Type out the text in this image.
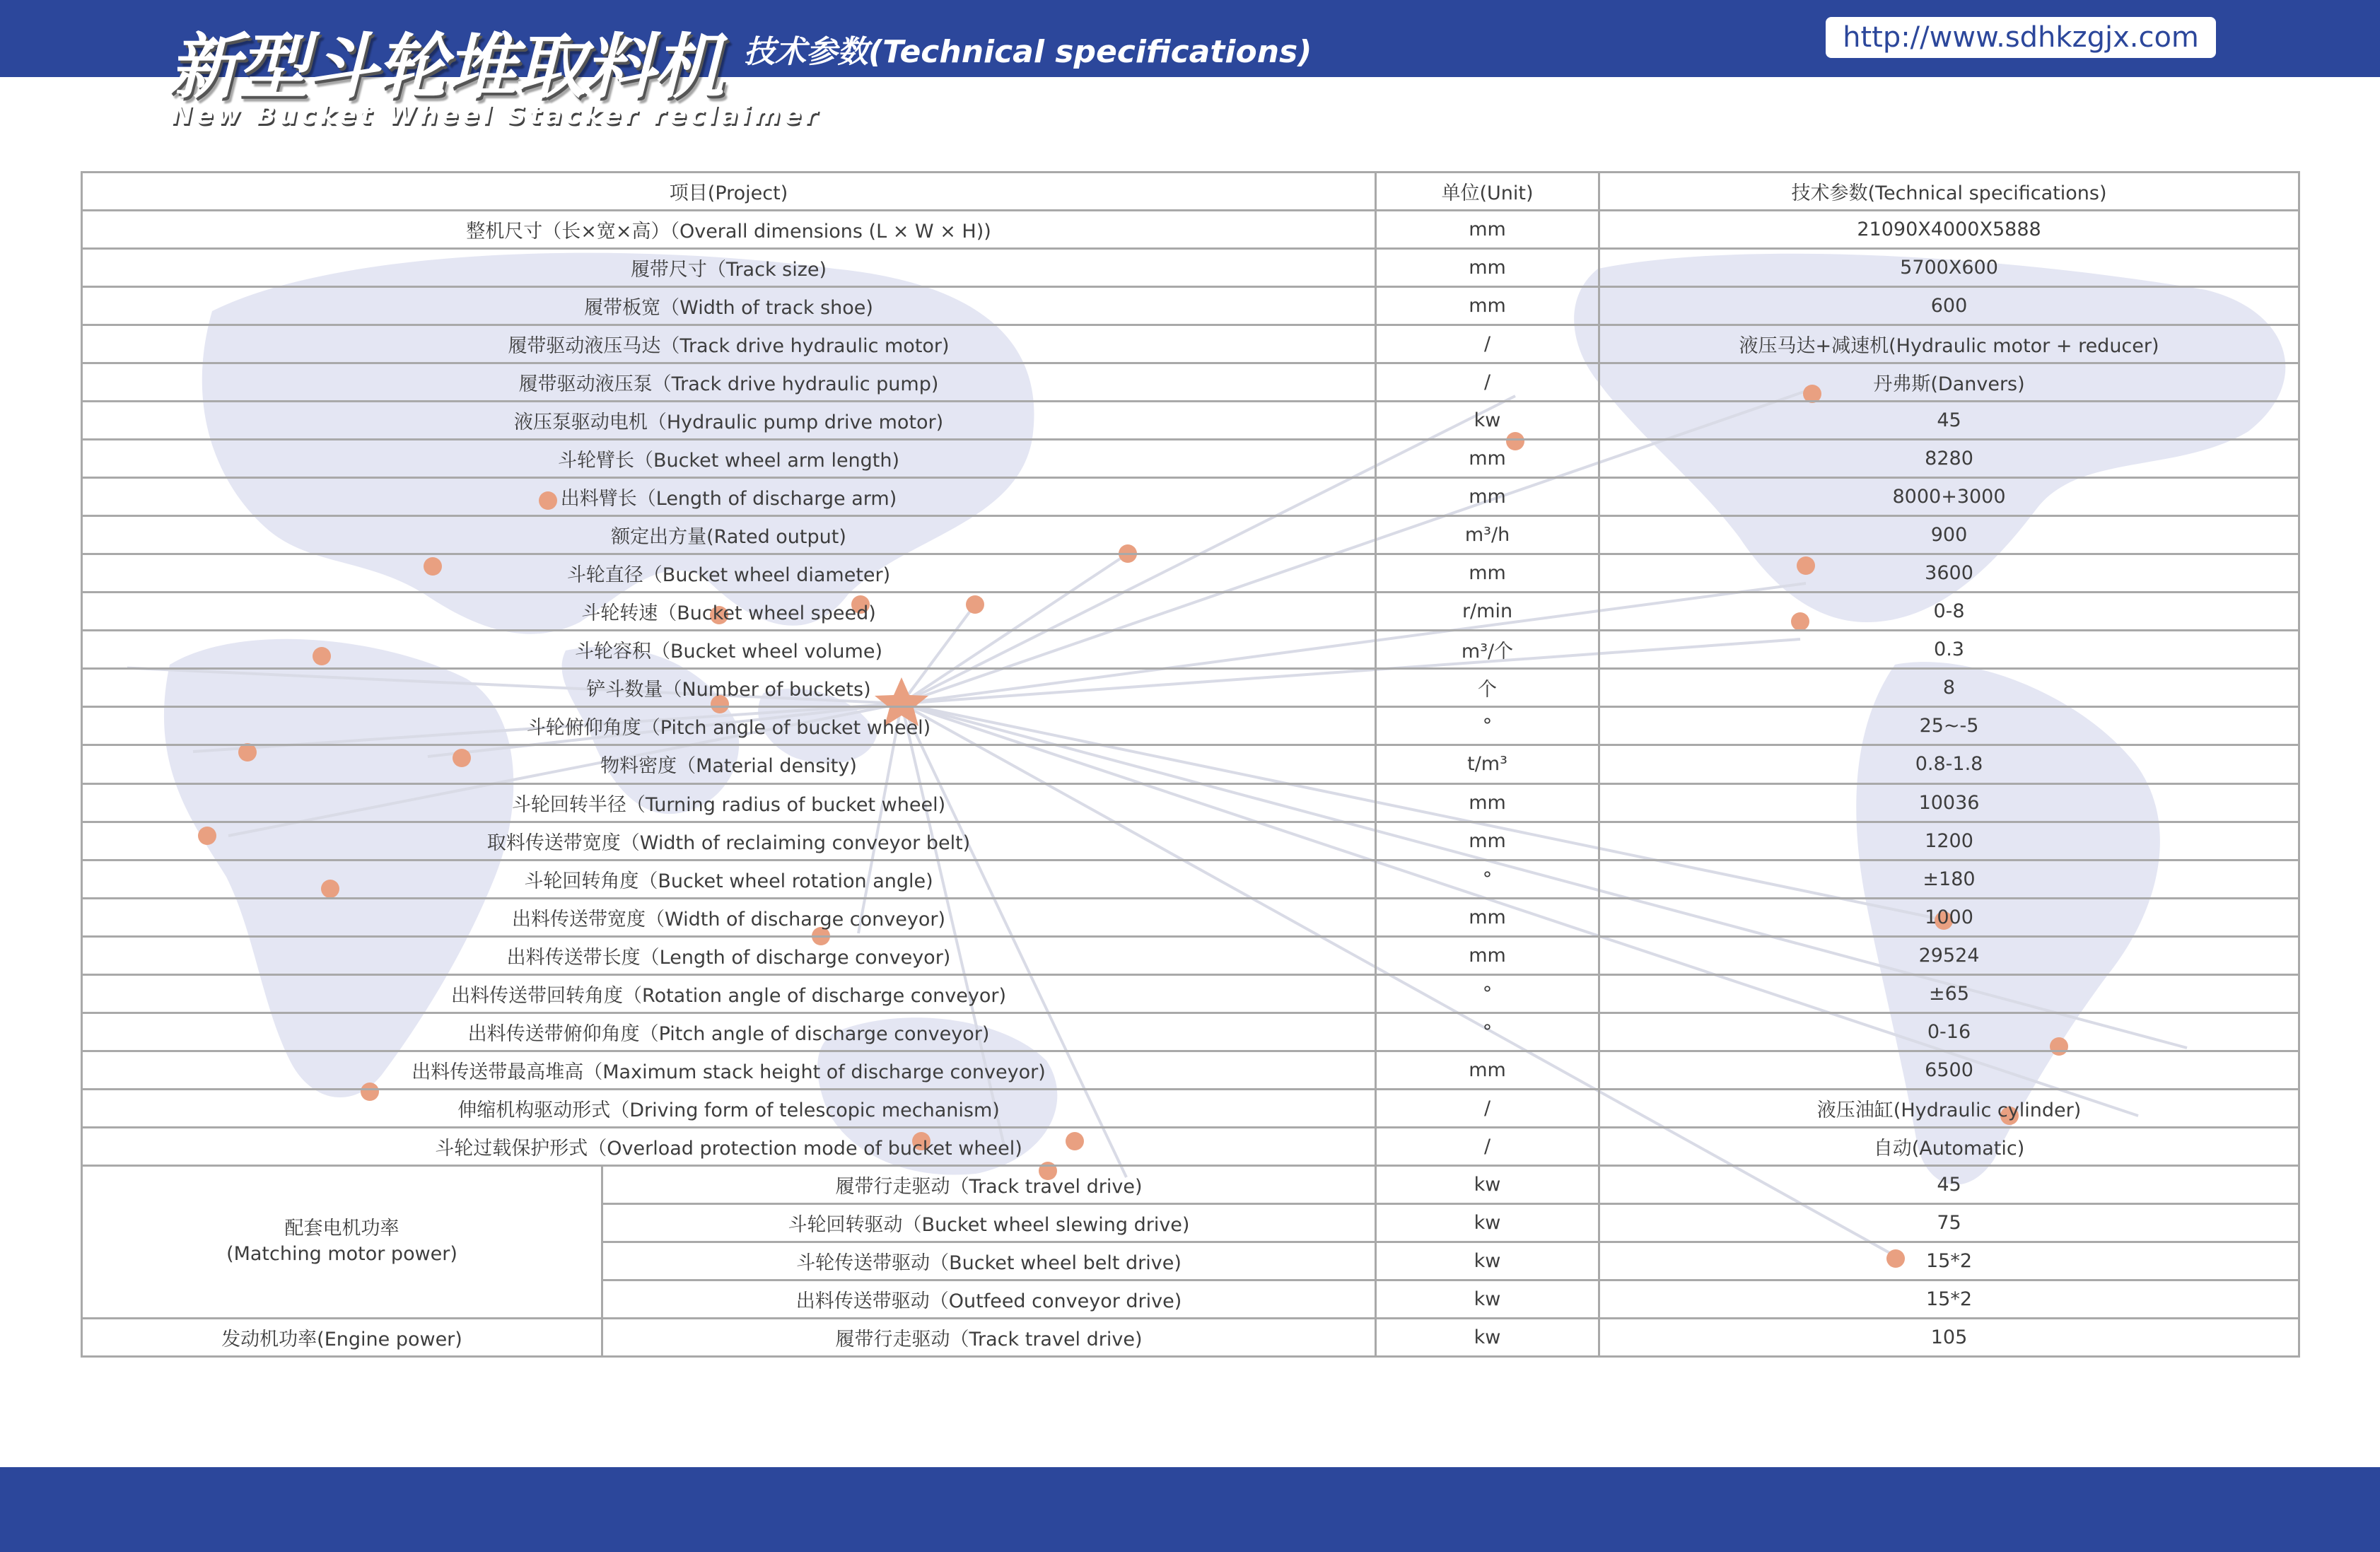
新型斗轮堆取料机
New Bucket Wheel Stacker reclaimer
技术参数(Technical specifications)	http://www.sdhkzgjx.com
项目(Project)		单位(Unit)	技术参数(Technical specifications)
整机尺寸（长×宽×高）（Overall dimensions (L × W × H))		mm	21090X4000X5888
履带尺寸（Track size)		mm	5700X600
履带板宽（Width of track shoe)		mm	600
履带驱动液压马达（Track drive hydraulic motor)		/	液压马达+减速机(Hydraulic motor + reducer)
履带驱动液压泵（Track drive hydraulic pump)		/	丹弗斯(Danvers)
液压泵驱动电机（Hydraulic pump drive motor)		kw	45
斗轮臂长（Bucket wheel arm length)		mm	8280
出料臂长（Length of discharge arm)		mm	8000+3000
额定出方量(Rated output)		m³/h	900
斗轮直径（Bucket wheel diameter)		mm	3600
斗轮转速（Bucket wheel speed)		r/min	0-8
斗轮容积（Bucket wheel volume)		m³/个	0.3
铲斗数量（Number of buckets)		个	8
斗轮俯仰角度（Pitch angle of bucket wheel)		°	25~-5
物料密度（Material density)		t/m³	0.8-1.8
斗轮回转半径（Turning radius of bucket wheel)		mm	10036
取料传送带宽度（Width of reclaiming conveyor belt)		mm	1200
斗轮回转角度（Bucket wheel rotation angle)		°	±180
出料传送带宽度（Width of discharge conveyor)		mm	1000
出料传送带长度（Length of discharge conveyor)		mm	29524
出料传送带回转角度（Rotation angle of discharge conveyor)		°	±65
出料传送带俯仰角度（Pitch angle of discharge conveyor)		°	0-16
出料传送带最高堆高（Maximum stack height of discharge conveyor)		mm	6500
伸缩机构驱动形式（Driving form of telescopic mechanism)		/	液压油缸(Hydraulic cylinder)
斗轮过载保护形式（Overload protection mode of bucket wheel)		/	自动(Automatic)

配套电机功率
(Matching motor power)	履带行走驱动（Track travel drive)	kw	45
	斗轮回转驱动（Bucket wheel slewing drive)	kw	75
	斗轮传送带驱动（Bucket wheel belt drive)	kw	15*2
	出料传送带驱动（Outfeed conveyor drive)	kw	15*2
发动机功率(Engine power)	履带行走驱动（Track travel drive)	kw	105
